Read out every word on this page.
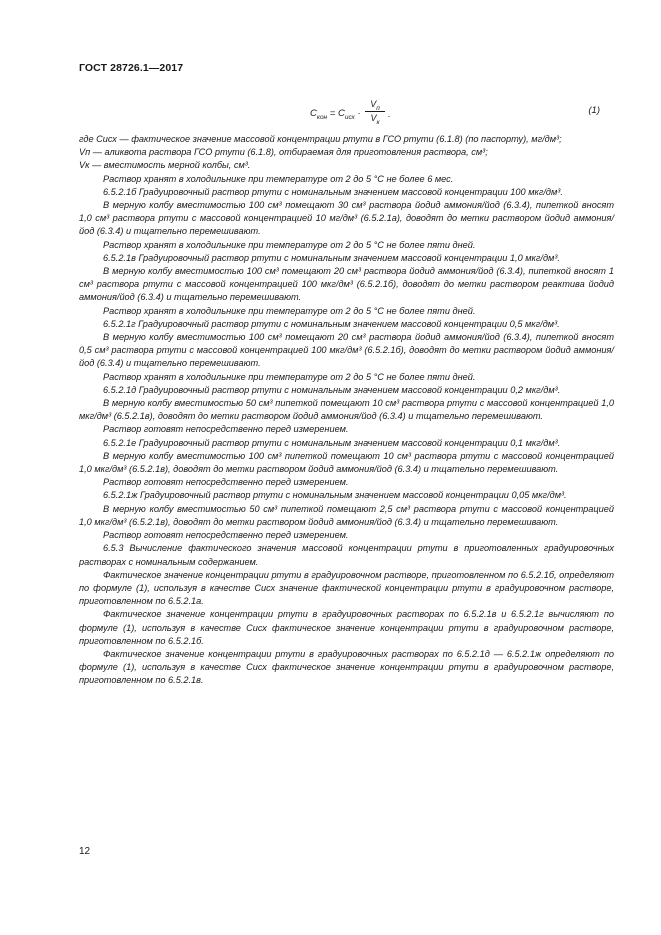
ГОСТ 28726.1—2017
$C_{кон} = C_{исх}$ ·
$V_п$
$V_к$
.	(1)

где Cисх — фактическое значение массовой концентрации ртути в ГСО ртути (6.1.8) (по паспорту), мг/дм³;

Vп — аликвота раствора ГСО ртути (6.1.8), отбираемая для приготовления раствора, см³;

Vк — вместимость мерной колбы, см³.

Раствор хранят в холодильнике при температуре от 2 до 5 °С не более 6 мес.

6.5.2.1б Градуировочный раствор ртути с номинальным значением массовой концентрации 100 мкг/дм³.

В мерную колбу вместимостью 100 см³ помещают 30 см³ раствора йодид аммония/йод (6.3.4), пипеткой вносят 1,0 см³ раствора ртути с массовой концентрацией 10 мг/дм³ (6.5.2.1а), доводят до метки раствором йодид аммония/йод (6.3.4) и тщательно перемешивают.

Раствор хранят в холодильнике при температуре от 2 до 5 °С не более пяти дней.

6.5.2.1в Градуировочный раствор ртути с номинальным значением массовой концентрации 1,0 мкг/дм³.

В мерную колбу вместимостью 100 см³ помещают 20 см³ раствора йодид аммония/йод (6.3.4), пипеткой вносят 1 см³ раствора ртути с массовой концентрацией 100 мкг/дм³ (6.5.2.1б), доводят до метки раствором реактива йодид аммония/йод (6.3.4) и тщательно перемешивают.

Раствор хранят в холодильнике при температуре от 2 до 5 °С не более пяти дней.

6.5.2.1г Градуировочный раствор ртути с номинальным значением массовой концентрации 0,5 мкг/дм³.

В мерную колбу вместимостью 100 см³ помещают 20 см³ раствора йодид аммония/йод (6.3.4), пипеткой вносят 0,5 см³ раствора ртути с массовой концентрацией 100 мкг/дм³ (6.5.2.1б), доводят до метки раствором йодид аммония/йод (6.3.4) и тщательно перемешивают.

Раствор хранят в холодильнике при температуре от 2 до 5 °С не более пяти дней.

6.5.2.1д Градуировочный раствор ртути с номинальным значением массовой концентрации 0,2 мкг/дм³.

В мерную колбу вместимостью 50 см³ пипеткой помещают 10 см³ раствора ртути с массовой концентрацией 1,0 мкг/дм³ (6.5.2.1в), доводят до метки раствором йодид аммония/йод (6.3.4) и тщательно перемешивают.

Раствор готовят непосредственно перед измерением.

6.5.2.1е Градуировочный раствор ртути с номинальным значением массовой концентрации 0,1 мкг/дм³.

В мерную колбу вместимостью 100 см³ пипеткой помещают 10 см³ раствора ртути с массовой концентрацией 1,0 мкг/дм³ (6.5.2.1в), доводят до метки раствором йодид аммония/йод (6.3.4) и тщательно перемешивают.

Раствор готовят непосредственно перед измерением.

6.5.2.1ж Градуировочный раствор ртути с номинальным значением массовой концентрации 0,05 мкг/дм³.

В мерную колбу вместимостью 50 см³ пипеткой помещают 2,5 см³ раствора ртути с массовой концентрацией 1,0 мкг/дм³ (6.5.2.1в), доводят до метки раствором йодид аммония/йод (6.3.4) и тщательно перемешивают.

Раствор готовят непосредственно перед измерением.

6.5.3 Вычисление фактического значения массовой концентрации ртути в приготовленных градуировочных растворах с номинальным содержанием.

Фактическое значение концентрации ртути в градуировочном растворе, приготовленном по 6.5.2.1б, определяют по формуле (1), используя в качестве Cисх значение фактической концентрации ртути в градуировочном растворе, приготовленном по 6.5.2.1а.

Фактическое значение концентрации ртути в градуировочных растворах по 6.5.2.1в и 6.5.2.1г вычисляют по формуле (1), используя в качестве Cисх фактическое значение концентрации ртути в градуировочном растворе, приготовленном по 6.5.2.1б.

Фактическое значение концентрации ртути в градуировочных растворах по 6.5.2.1д — 6.5.2.1ж определяют по формуле (1), используя в качестве Cисх фактическое значение концентрации ртути в градуировочном растворе, приготовленном по 6.5.2.1в.

12
